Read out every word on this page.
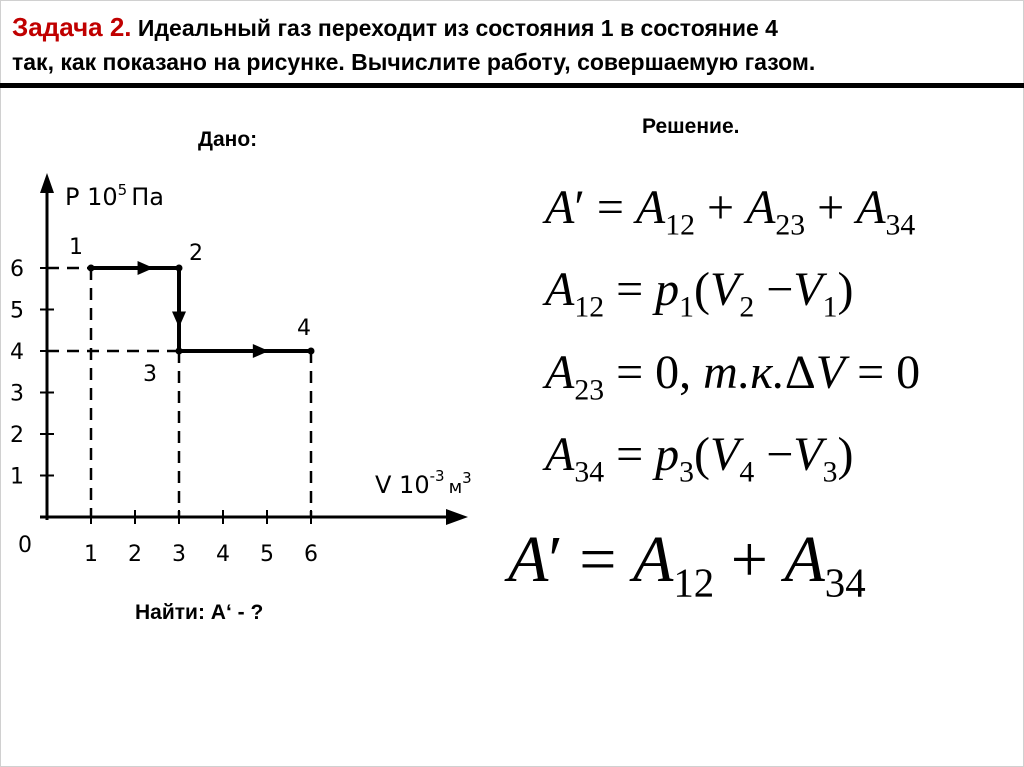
Задача 2. Идеальный газ переходит из состояния 1 в состояние 4
так, как показано на рисунке. Вычислите работу, совершаемую газом.
Дано:
Решение.
Найти: A‘ - ?
P $10^5$ Па
V $10^{-3}_м^3$
0
1
2
3
4
5
6
1 2 3 4 5 6
1	2
3
4
$A' = A_{12} + A_{23} + A_{34}$
$A_{12} = p_1(V_2 -V_1)$
$A_{23} = 0$, т.к.ΔV = 0
$A_{34} = p_3(V_4 -V_3)$
$A' = A_{12} + A_{34}$
